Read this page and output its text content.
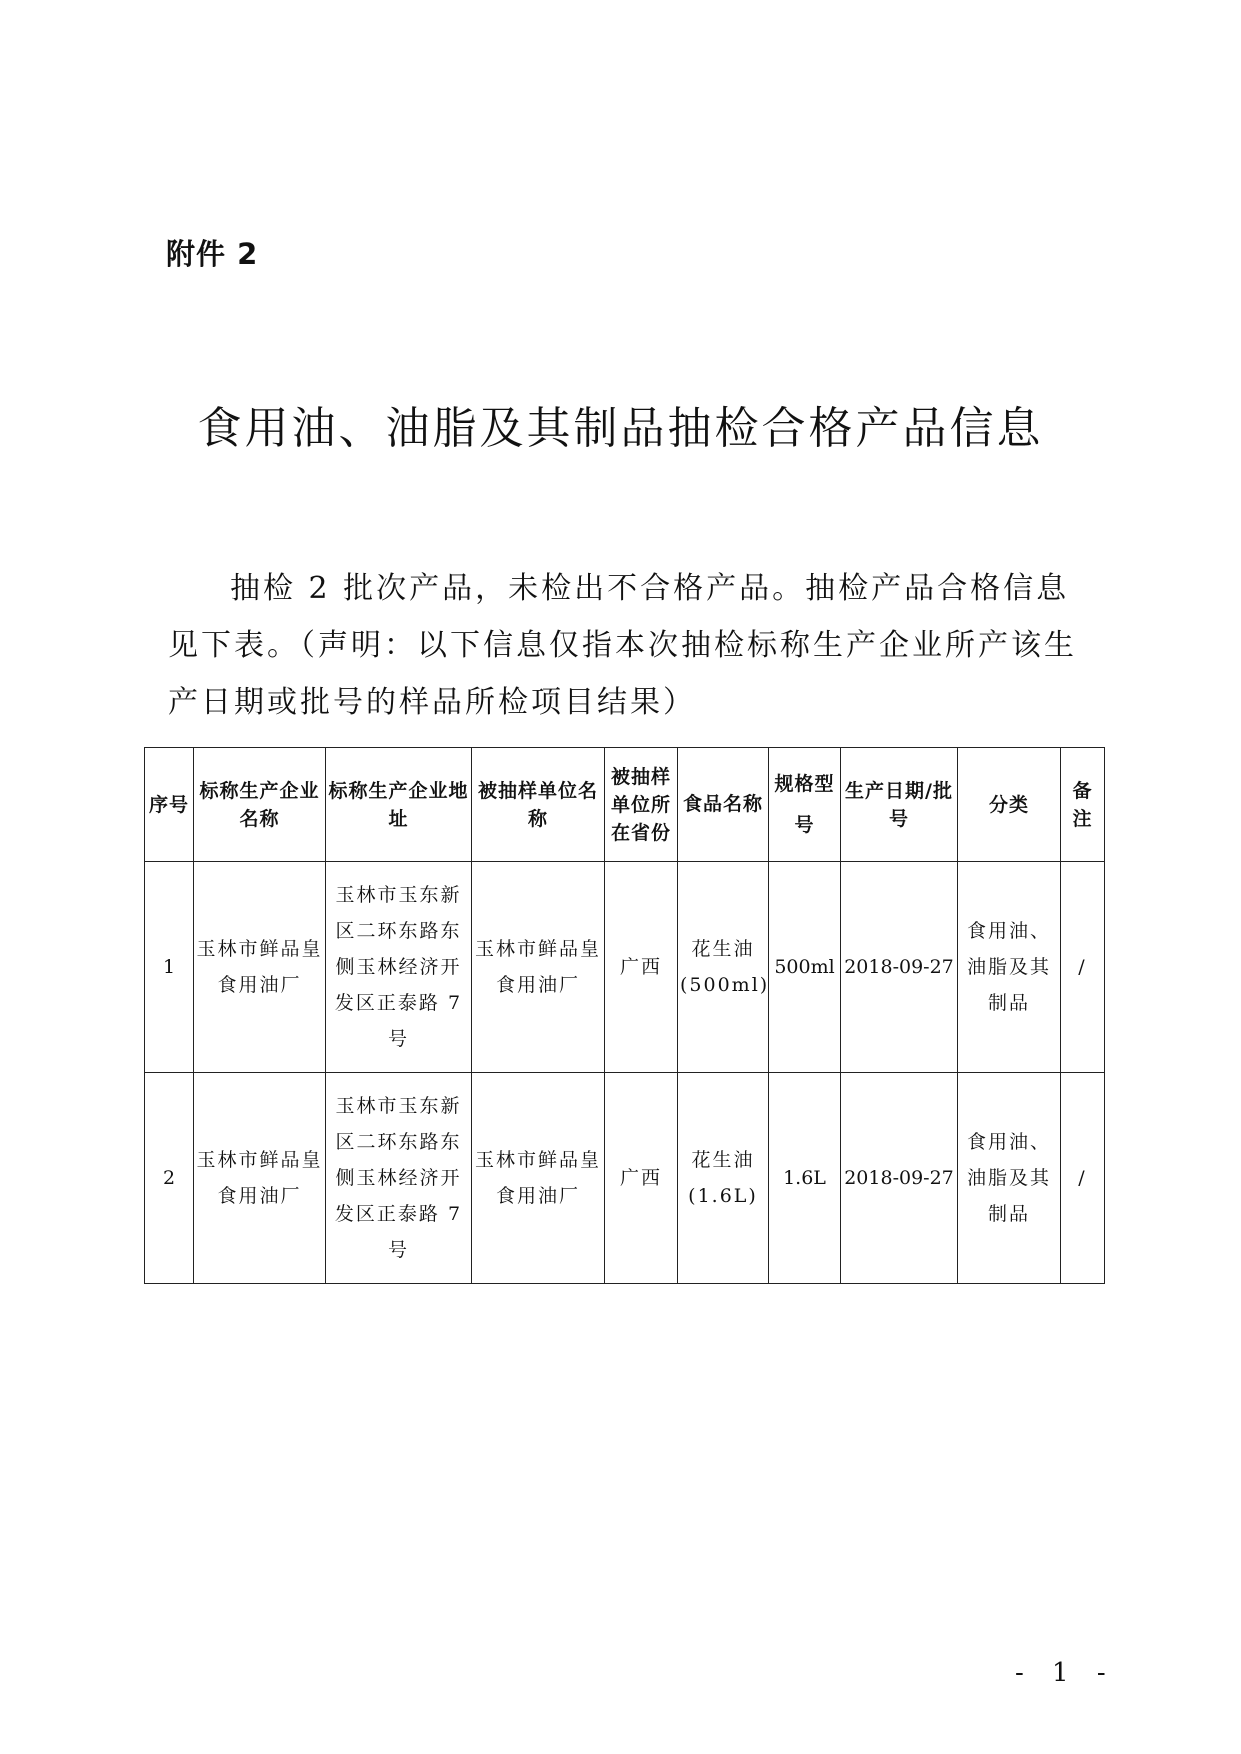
附件 2
食用油、油脂及其制品抽检合格产品信息

抽检 2 批次产品，未检出不合格产品。抽检产品合格信息见下表。（声明：以下信息仅指本次抽检标称生产企业所产该生产日期或批号的样品所检项目结果）

序号	标称生产企业名称	标称生产企业地址	被抽样单位名称	被抽样单位所在省份	食品名称	规格型号	生产日期/批号	分类	备注
1	玉林市鲜品皇食用油厂	玉林市玉东新区二环东路东侧玉林经济开发区正泰路 7 号	玉林市鲜品皇食用油厂	广西	花生油(500ml)	500ml	2018-09-27	食用油、油脂及其制品	/
2	玉林市鲜品皇食用油厂	玉林市玉东新区二环东路东侧玉林经济开发区正泰路 7 号	玉林市鲜品皇食用油厂	广西	花生油(1.6L)	1.6L	2018-09-27	食用油、油脂及其制品	/
- 1 -
